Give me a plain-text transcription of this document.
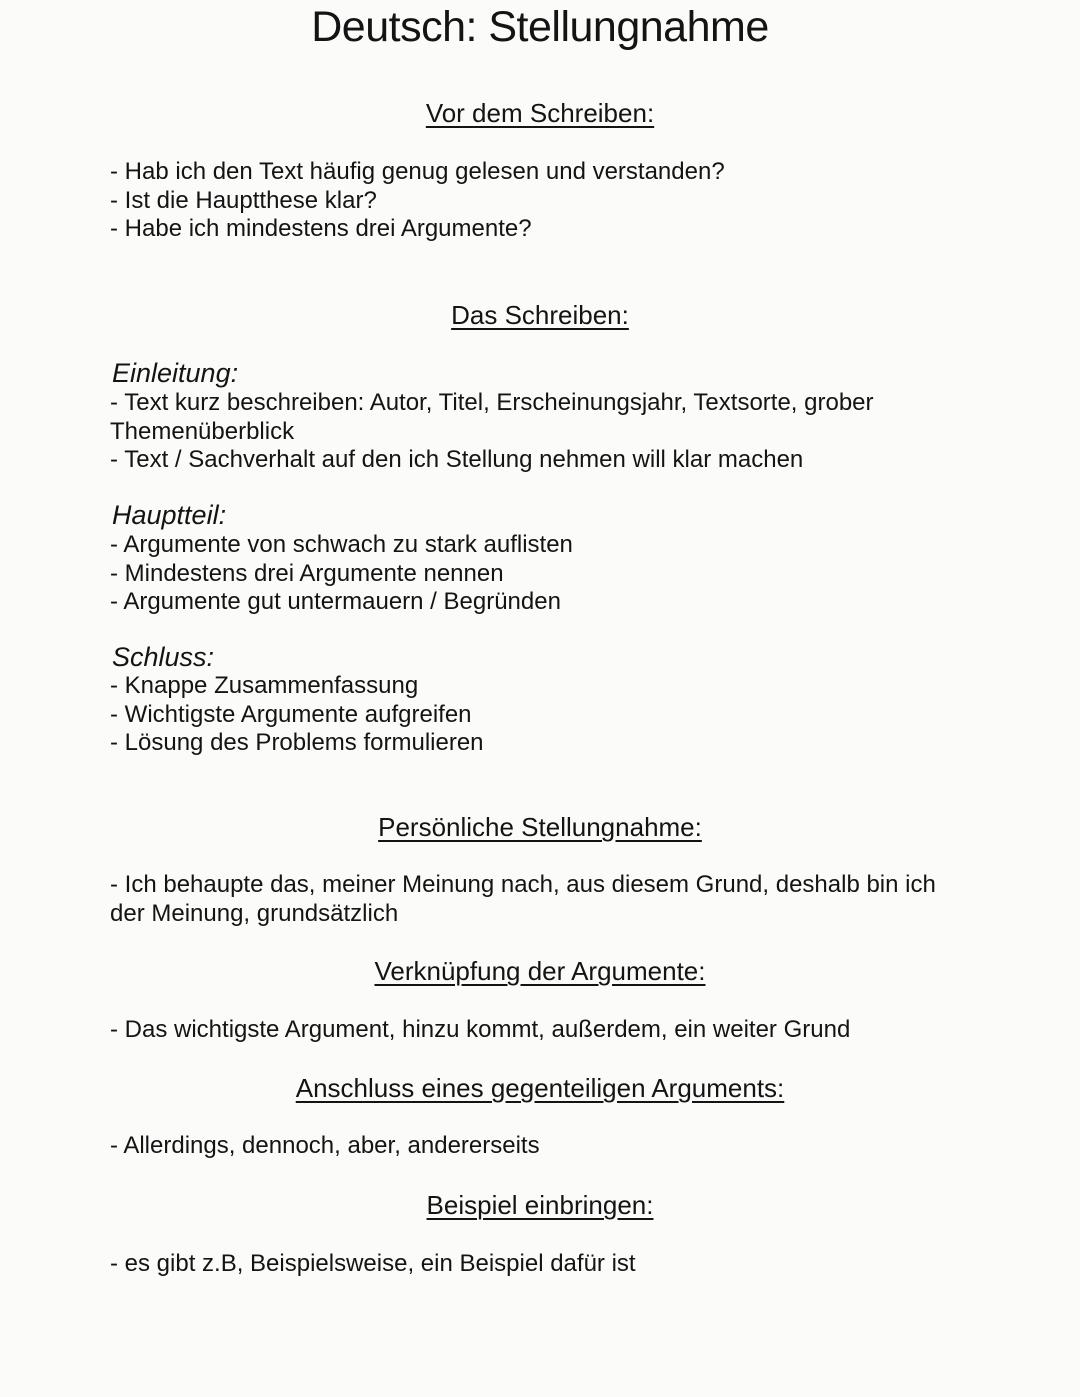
Deutsch: Stellungnahme
Vor dem Schreiben:
- Hab ich den Text häufig genug gelesen und verstanden?
- Ist die Hauptthese klar?
- Habe ich mindestens drei Argumente?
Das Schreiben:
Einleitung:
- Text kurz beschreiben: Autor, Titel, Erscheinungsjahr, Textsorte, grober Themenüberblick
- Text / Sachverhalt auf den ich Stellung nehmen will klar machen
Hauptteil:
- Argumente von schwach zu stark auflisten
- Mindestens drei Argumente nennen
- Argumente gut untermauern / Begründen
Schluss:
- Knappe Zusammenfassung
- Wichtigste Argumente aufgreifen
- Lösung des Problems formulieren
Persönliche Stellungnahme:

- Ich behaupte das, meiner Meinung nach, aus diesem Grund, deshalb bin ich der Meinung, grundsätzlich

Verknüpfung der Argumente:

- Das wichtigste Argument, hinzu kommt, außerdem, ein weiter Grund

Anschluss eines gegenteiligen Arguments:

- Allerdings, dennoch, aber, andererseits

Beispiel einbringen:

- es gibt z.B, Beispielsweise, ein Beispiel dafür ist
